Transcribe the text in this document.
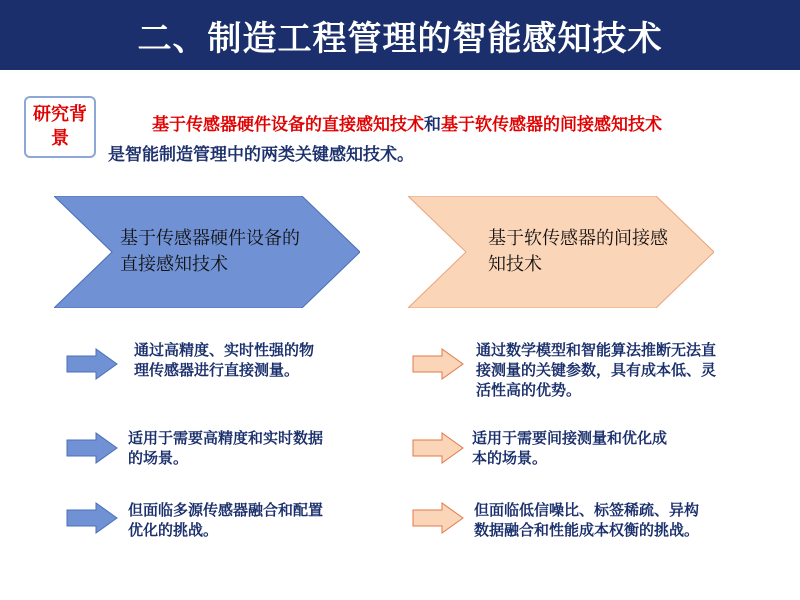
二、制造工程管理的智能感知技术
研究背景
基于传感器硬件设备的直接感知技术和基于软传感器的间接感知技术
是智能制造管理中的两类关键感知技术。
基于传感器硬件设备的直接感知技术
基于软传感器的间接感知技术
通过高精度、实时性强的物理传感器进行直接测量。
适用于需要高精度和实时数据的场景。
但面临多源传感器融合和配置优化的挑战。
通过数学模型和智能算法推断无法直接测量的关键参数，具有成本低、灵活性高的优势。
适用于需要间接测量和优化成本的场景。
但面临低信噪比、标签稀疏、异构数据融合和性能成本权衡的挑战。
